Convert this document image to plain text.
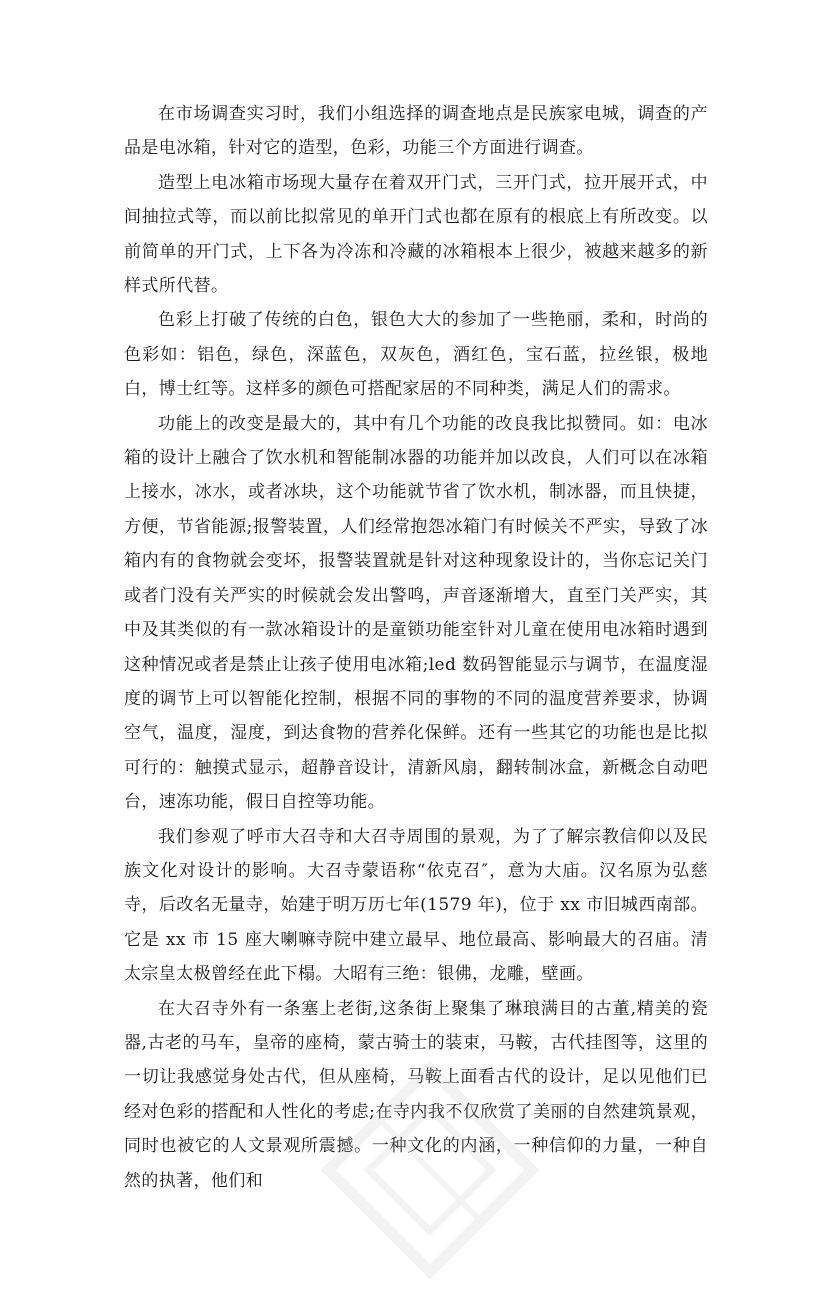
在市场调查实习时，我们小组选择的调查地点是民族家电城，调查的产品是电冰箱，针对它的造型，色彩，功能三个方面进行调查。

造型上电冰箱市场现大量存在着双开门式，三开门式，拉开展开式，中间抽拉式等，而以前比拟常见的单开门式也都在原有的根底上有所改变。以前简单的开门式，上下各为冷冻和冷藏的冰箱根本上很少，被越来越多的新样式所代替。

色彩上打破了传统的白色，银色大大的参加了一些艳丽，柔和，时尚的色彩如：铝色，绿色，深蓝色，双灰色，酒红色，宝石蓝，拉丝银，极地白，博士红等。这样多的颜色可搭配家居的不同种类，满足人们的需求。

功能上的改变是最大的，其中有几个功能的改良我比拟赞同。如：电冰箱的设计上融合了饮水机和智能制冰器的功能并加以改良，人们可以在冰箱上接水，冰水，或者冰块，这个功能就节省了饮水机，制冰器，而且快捷，方便，节省能源;报警装置，人们经常抱怨冰箱门有时候关不严实，导致了冰箱内有的食物就会变坏，报警装置就是针对这种现象设计的，当你忘记关门或者门没有关严实的时候就会发出警鸣，声音逐渐增大，直至门关严实，其中及其类似的有一款冰箱设计的是童锁功能室针对儿童在使用电冰箱时遇到这种情况或者是禁止让孩子使用电冰箱;led 数码智能显示与调节，在温度湿度的调节上可以智能化控制，根据不同的事物的不同的温度营养要求，协调空气，温度，湿度，到达食物的营养化保鲜。还有一些其它的功能也是比拟可行的：触摸式显示，超静音设计，清新风扇，翻转制冰盒，新概念自动吧台，速冻功能，假日自控等功能。

我们参观了呼市大召寺和大召寺周围的景观，为了了解宗教信仰以及民族文化对设计的影响。大召寺蒙语称“依克召″，意为大庙。汉名原为弘慈寺，后改名无量寺，始建于明万历七年(1579 年)，位于 xx 市旧城西南部。它是 xx 市 15 座大喇嘛寺院中建立最早、地位最高、影响最大的召庙。清太宗皇太极曾经在此下榻。大昭有三绝：银佛，龙雕，壁画。

在大召寺外有一条塞上老街,这条街上聚集了琳琅满目的古董,精美的瓷器,古老的马车，皇帝的座椅，蒙古骑士的装束，马鞍，古代挂图等，这里的一切让我感觉身处古代，但从座椅，马鞍上面看古代的设计，足以见他们已经对色彩的搭配和人性化的考虑;在寺内我不仅欣赏了美丽的自然建筑景观，同时也被它的人文景观所震撼。一种文化的内涵，一种信仰的力量，一种自然的执著，他们和
